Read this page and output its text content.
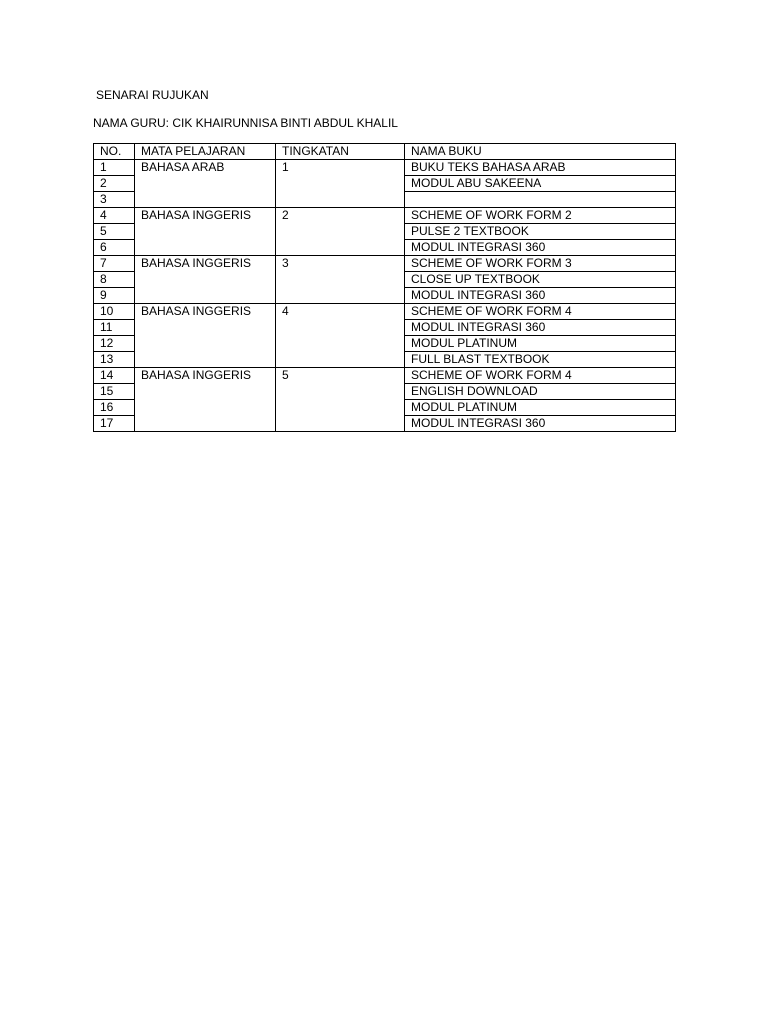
SENARAI RUJUKAN
NAMA GURU: CIK KHAIRUNNISA BINTI ABDUL KHALIL
NO.	MATA PELAJARAN	TINGKATAN	NAMA BUKU
1	BAHASA ARAB	1	BUKU TEKS BAHASA ARAB
2			MODUL ABU SAKEENA
3			
4	BAHASA INGGERIS	2	SCHEME OF WORK FORM 2
5			PULSE 2 TEXTBOOK
6			MODUL INTEGRASI 360
7	BAHASA INGGERIS	3	SCHEME OF WORK FORM 3
8			CLOSE UP TEXTBOOK
9			MODUL INTEGRASI 360
10	BAHASA INGGERIS	4	SCHEME OF WORK FORM 4
11			MODUL INTEGRASI 360
12			MODUL PLATINUM
13			FULL BLAST TEXTBOOK
14	BAHASA INGGERIS	5	SCHEME OF WORK FORM 4
15			ENGLISH DOWNLOAD
16			MODUL PLATINUM
17			MODUL INTEGRASI 360
